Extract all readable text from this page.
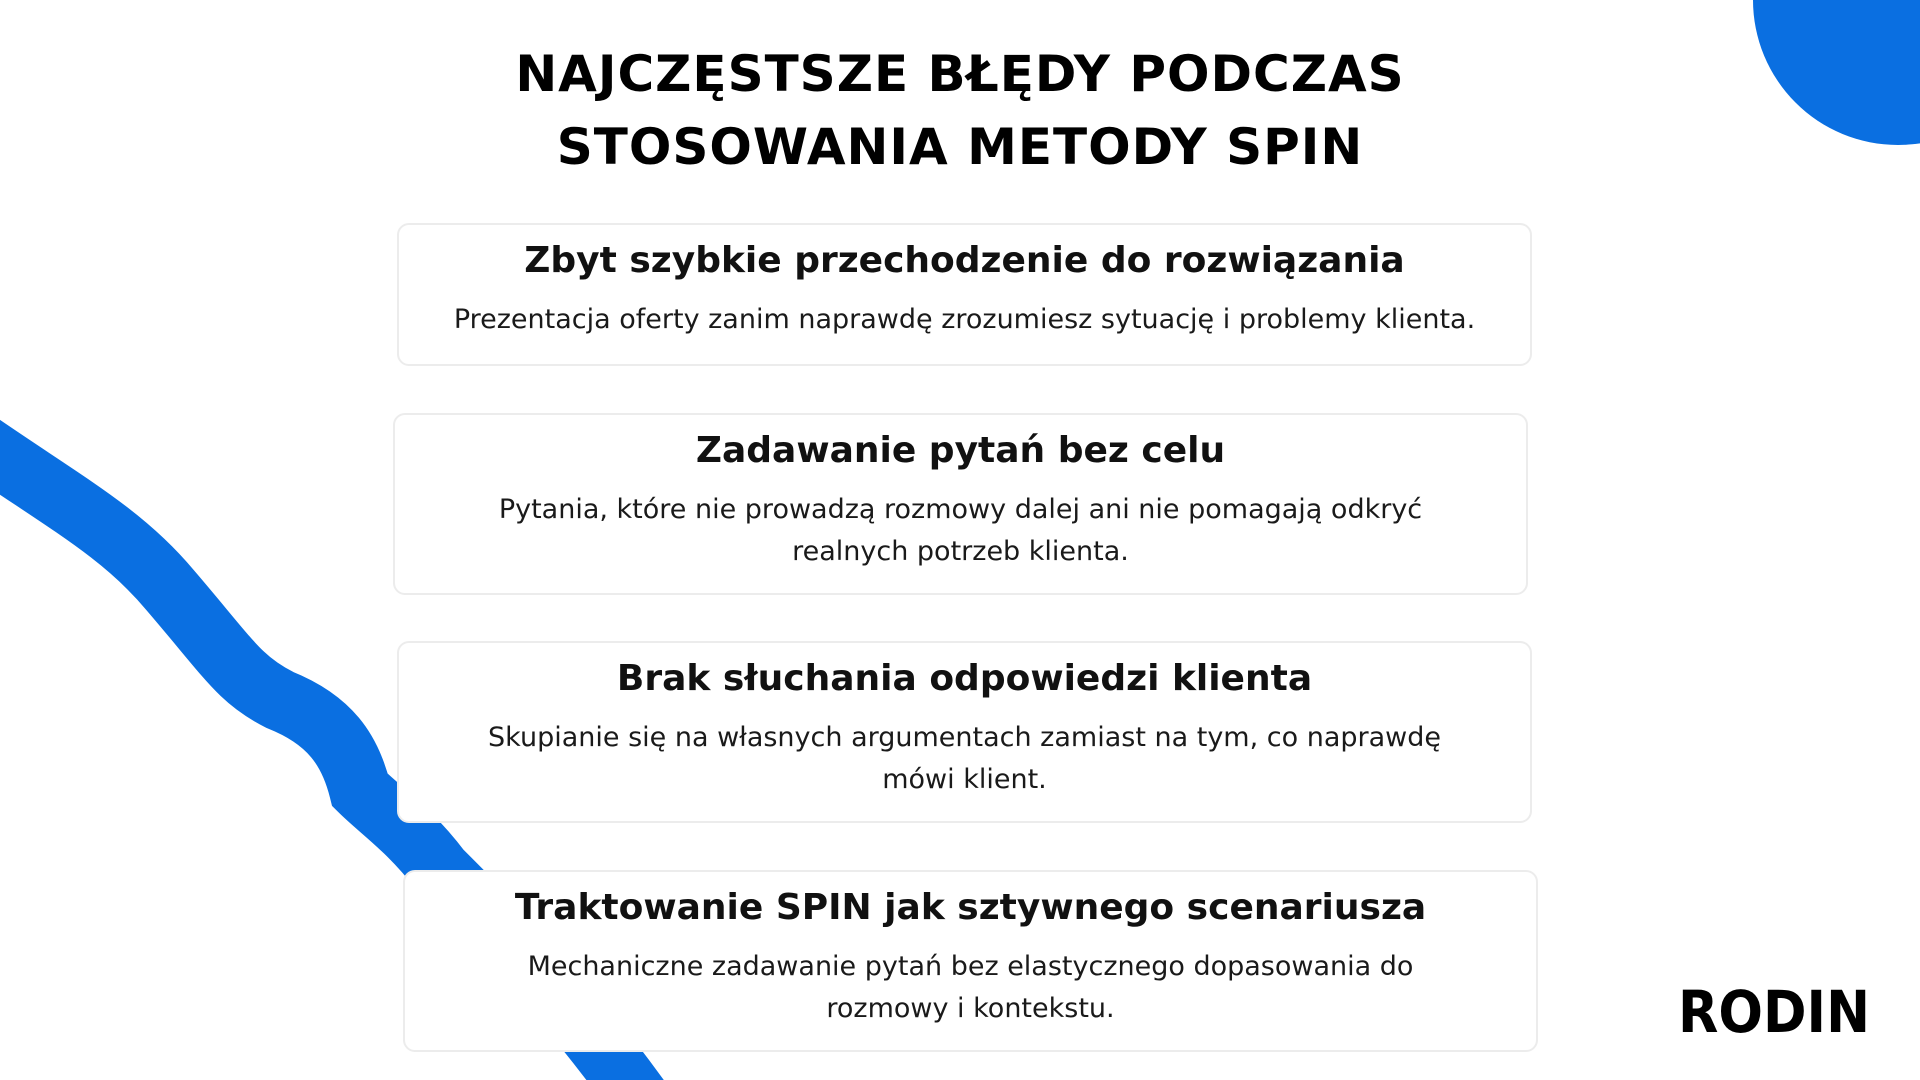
NAJCZĘSTSZE BŁĘDY PODCZAS
STOSOWANIA METODY SPIN
Zbyt szybkie przechodzenie do rozwiązania

Prezentacja oferty zanim naprawdę zrozumiesz sytuację i problemy klienta.

Zadawanie pytań bez celu

Pytania, które nie prowadzą rozmowy dalej ani nie pomagają odkryć realnych potrzeb klienta.

Brak słuchania odpowiedzi klienta

Skupianie się na własnych argumentach zamiast na tym, co naprawdę mówi klient.

Traktowanie SPIN jak sztywnego scenariusza

Mechaniczne zadawanie pytań bez elastycznego dopasowania do rozmowy i kontekstu.	RODIN
